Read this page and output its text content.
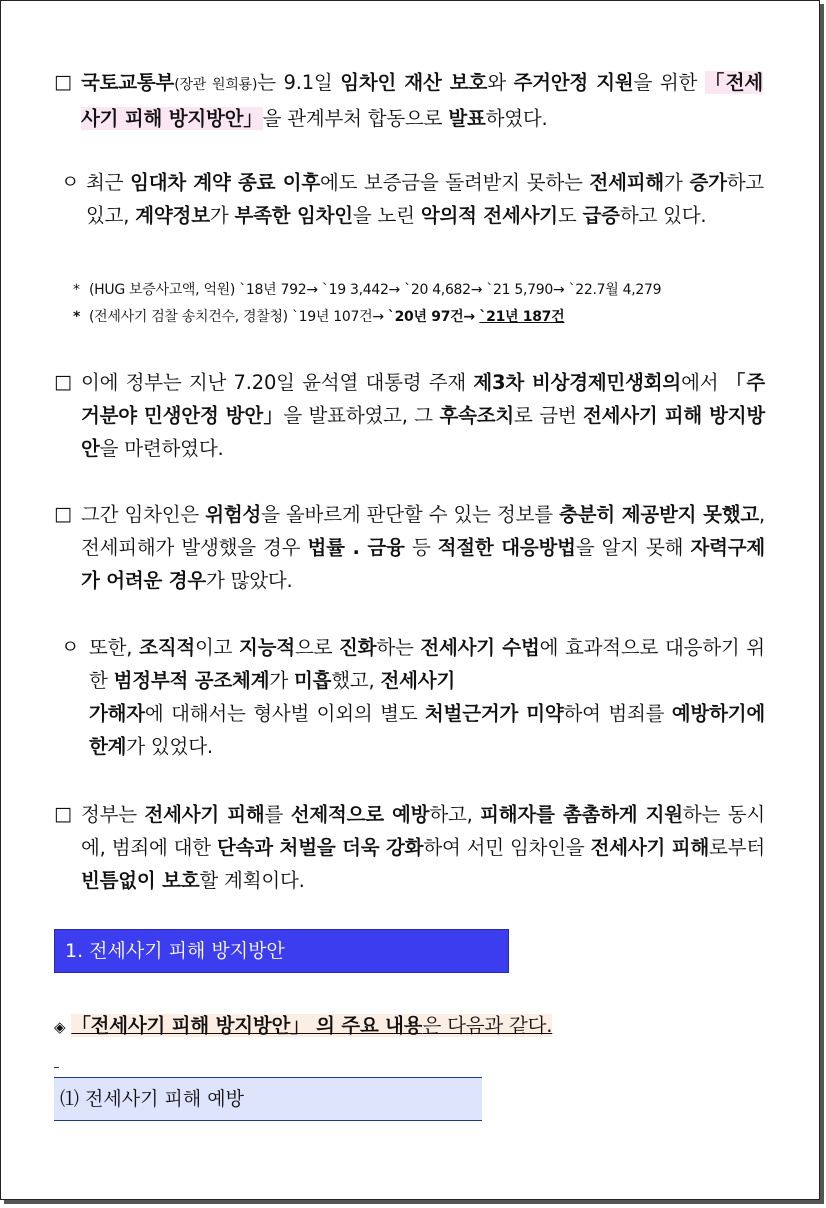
□ 국토교통부(장관 원희룡)는 9.1일 임차인 재산 보호와 주거안정 지원을 위한 「전세사기 피해 방지방안」을 관계부처 합동으로 발표하였다.
ㅇ 최근 임대차 계약 종료 이후에도 보증금을 돌려받지 못하는 전세피해가 증가하고 있고, 계약정보가 부족한 임차인을 노린 악의적 전세사기도 급증하고 있다.
* (HUG 보증사고액, 억원) `18년 792→ `19 3,442→ `20 4,682→ `21 5,790→ `22.7월 4,279
* (전세사기 검찰 송치건수, 경찰청) `19년 107건→ `20년 97건→ `21년 187건
□ 이에 정부는 지난 7.20일 윤석열 대통령 주재 제3차 비상경제민생회의에서 「주거분야 민생안정 방안」을 발표하였고, 그 후속조치로 금번 전세사기 피해 방지방안을 마련하였다.
□ 그간 임차인은 위험성을 올바르게 판단할 수 있는 정보를 충분히 제공받지 못했고, 전세피해가 발생했을 경우 법률 . 금융 등 적절한 대응방법을 알지 못해 자력구제가 어려운 경우가 많았다.
ㅇ 또한, 조직적이고 지능적으로 진화하는 전세사기 수법에 효과적으로 대응하기 위한 범정부적 공조체계가 미흡했고, 전세사기
가해자에 대해서는 형사벌 이외의 별도 처벌근거가 미약하여 범죄를 예방하기에 한계가 있었다.
□ 정부는 전세사기 피해를 선제적으로 예방하고, 피해자를 촘촘하게 지원하는 동시에, 범죄에 대한 단속과 처벌을 더욱 강화하여 서민 임차인을 전세사기 피해로부터 빈틈없이 보호할 계획이다.
1. 전세사기 피해 방지방안
◈ 「전세사기 피해 방지방안」 의 주요 내용은 다음과 같다.
⑴ 전세사기 피해 예방
